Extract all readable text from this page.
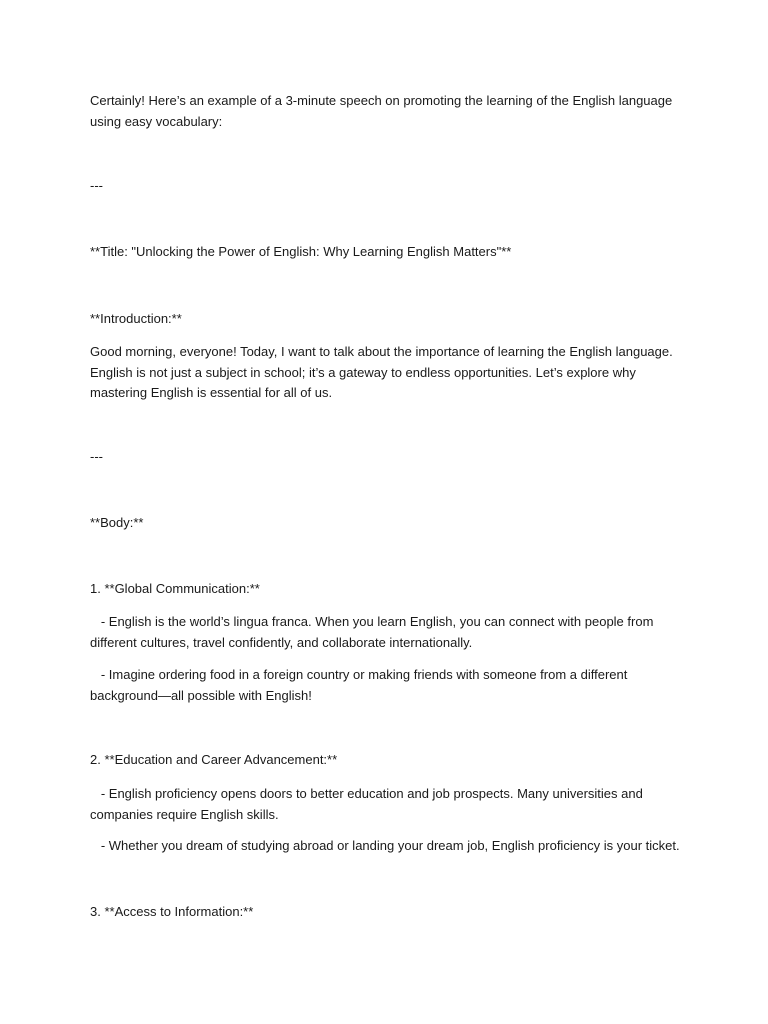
Certainly! Here’s an example of a 3-minute speech on promoting the learning of the English language using easy vocabulary:

---

**Title: "Unlocking the Power of English: Why Learning English Matters"**

**Introduction:**

Good morning, everyone! Today, I want to talk about the importance of learning the English language. English is not just a subject in school; it’s a gateway to endless opportunities. Let’s explore why mastering English is essential for all of us.

---

**Body:**

1. **Global Communication:**

- English is the world’s lingua franca. When you learn English, you can connect with people from different cultures, travel confidently, and collaborate internationally.

- Imagine ordering food in a foreign country or making friends with someone from a different background—all possible with English!

2. **Education and Career Advancement:**

- English proficiency opens doors to better education and job prospects. Many universities and companies require English skills.

- Whether you dream of studying abroad or landing your dream job, English proficiency is your ticket.

3. **Access to Information:**
